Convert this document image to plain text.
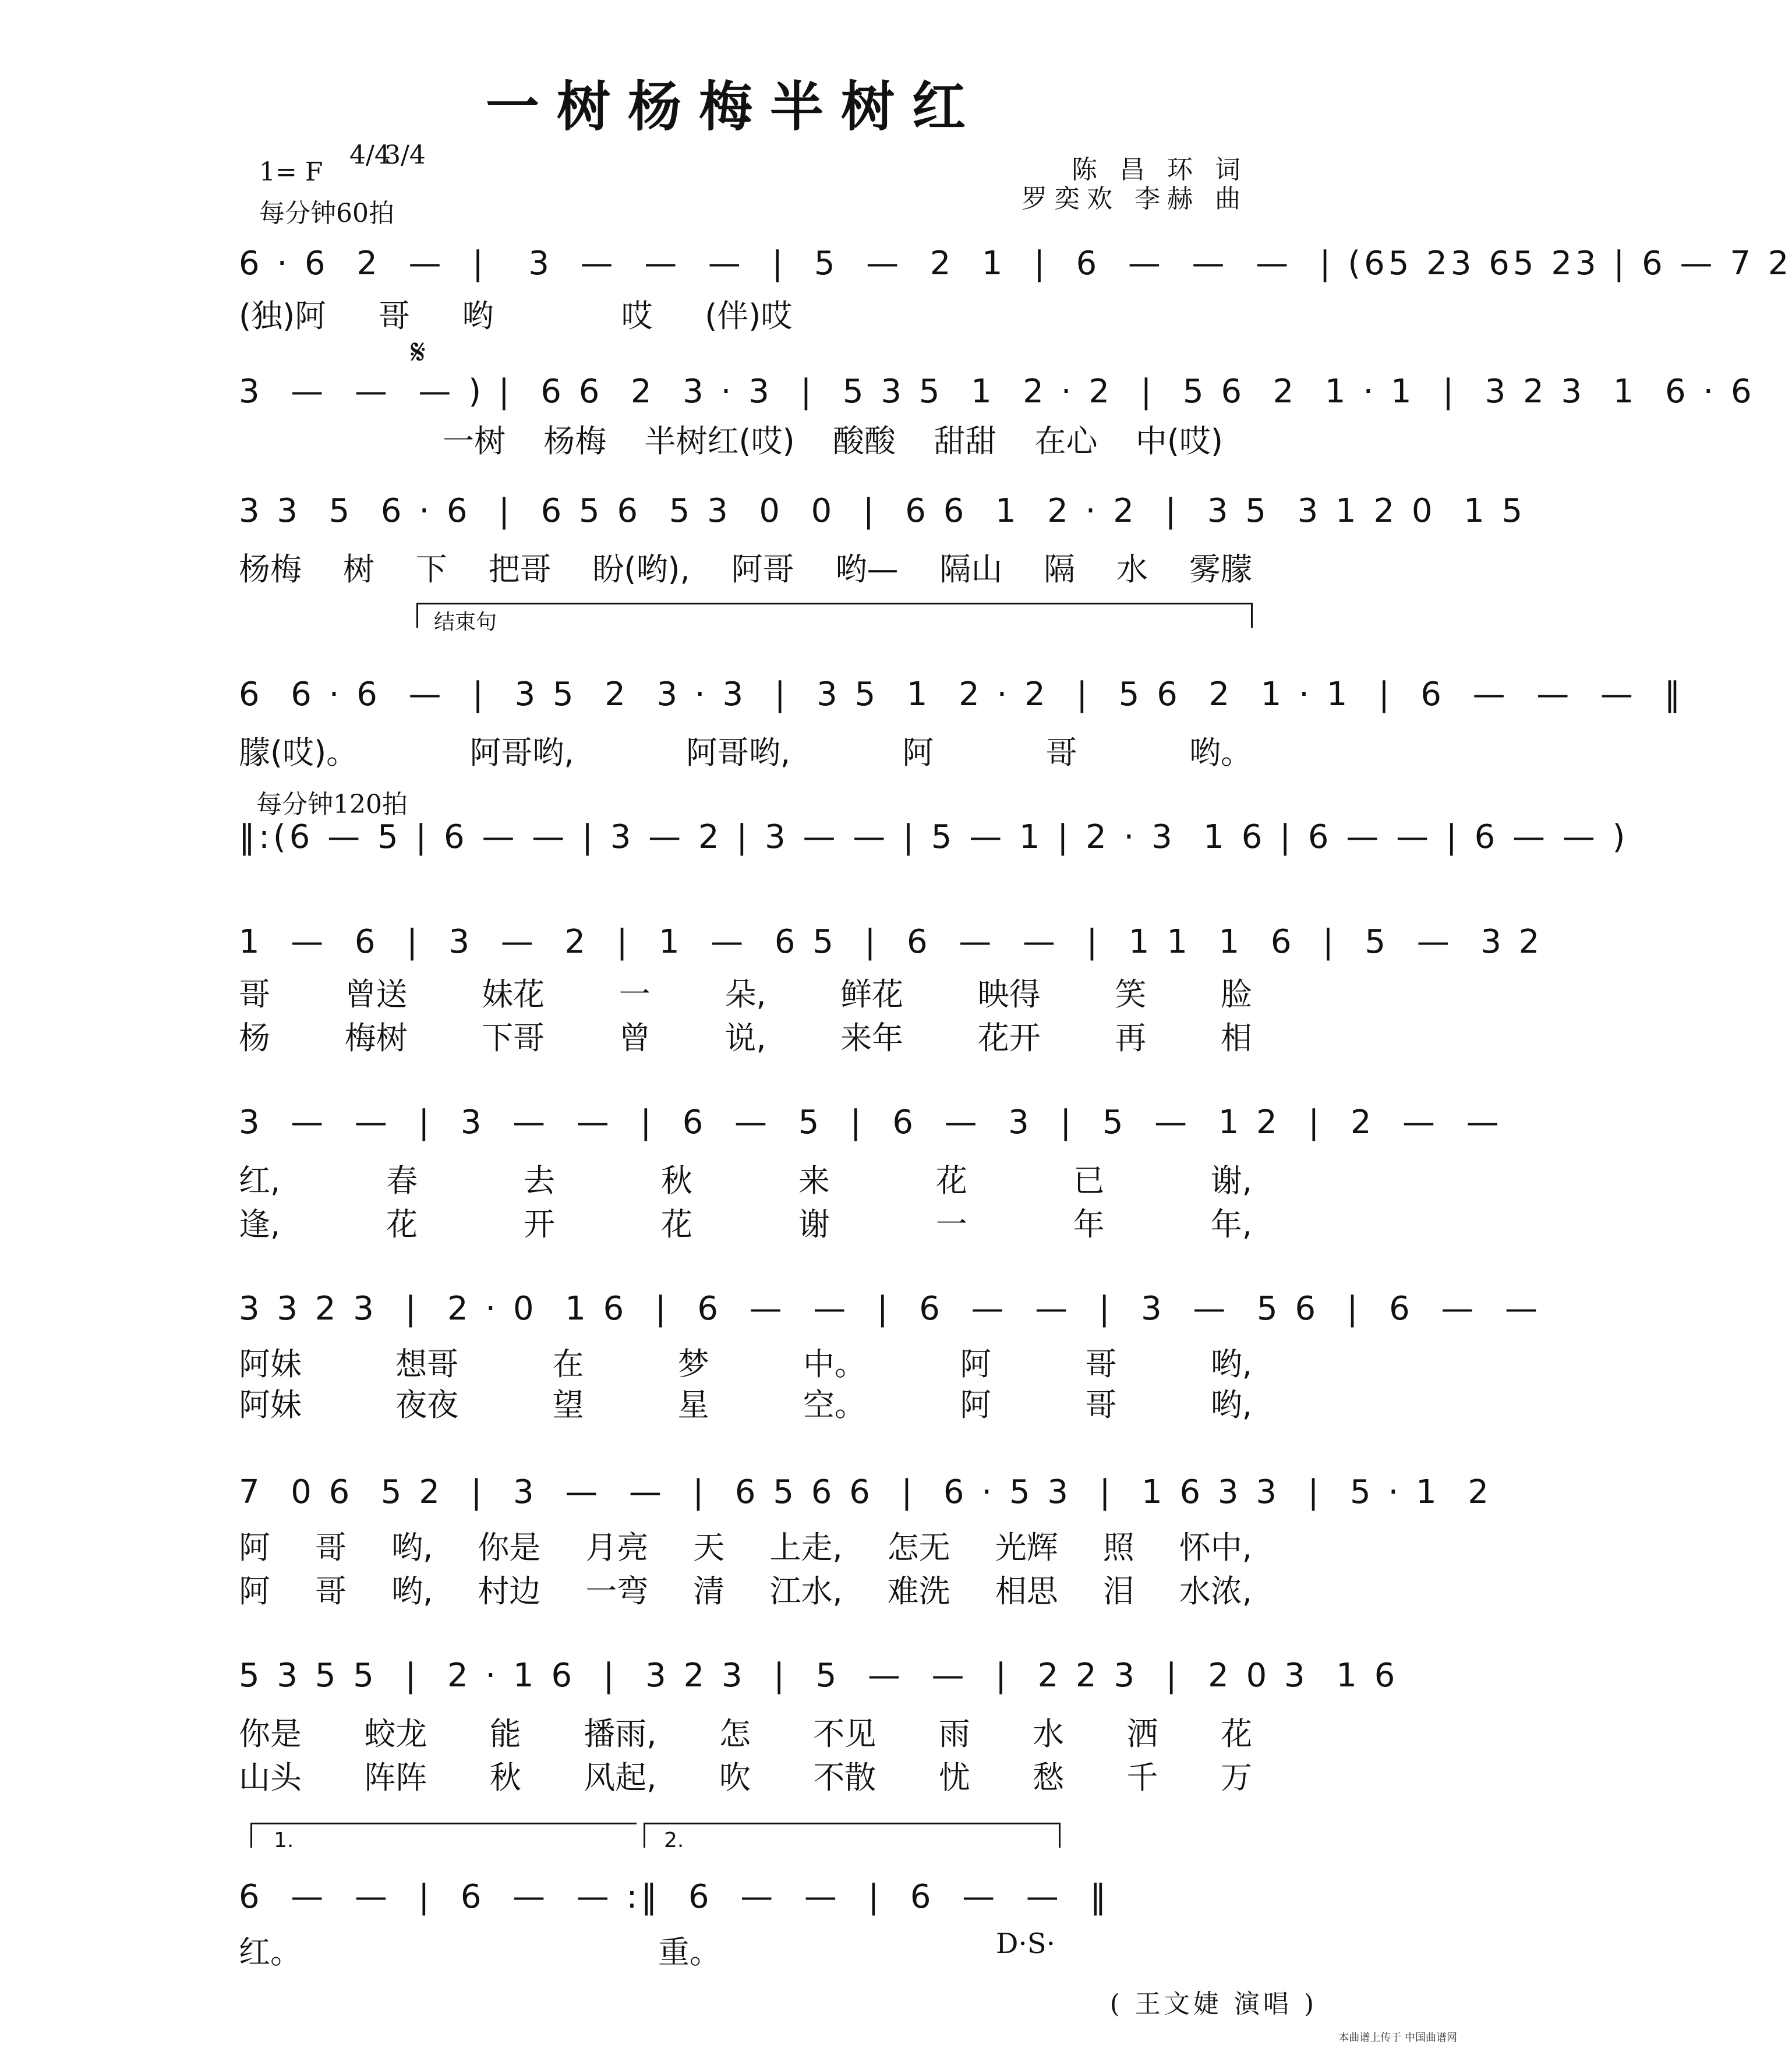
一树杨梅半树红
1= F
4/4
3/4
每分钟60拍
陈 昌 环 词
罗奕欢 李赫 曲
6 · 6  2  —  |   3  —  —  —  |  5  —  2  1  |  6  —  —  —  | (65 23 65 23 | 6 — 7 2
(独)阿 哥 哟	哎 (伴)哎
𝄋
3  —  —  — ) |  6 6  2  3 · 3  |  5 3 5  1  2 · 2  |  5 6  2  1 · 1  |  3 2 3  1  6 · 6
一树 杨梅 半树红(哎) 酸酸 甜甜 在心 中(哎)
3 3  5  6 · 6  |  6 5 6  5 3  0  0  |  6 6  1  2 · 2  |  3 5  3 1 2 0  1 5
杨梅 树 下 把哥 盼(哟), 阿哥 哟— 隔山 隔 水 雾朦
结束句
6  6 · 6  —  |  3 5  2  3 · 3  |  3 5  1  2 · 2  |  5 6  2  1 · 1  |  6  —  —  —  ‖
朦(哎)。	阿哥哟,	阿哥哟,	阿	哥	哟。
每分钟120拍
‖:(6 — 5 | 6 — — | 3 — 2 | 3 — — | 5 — 1 | 2 · 3  1 6 | 6 — — | 6 — — )
1  —  6  |  3  —  2  |  1  —  6 5  |  6  —  —  |  1 1  1  6  |  5  —  3 2
哥 曾送 妹花 一 朵, 鲜花 映得 笑 脸
杨 梅树 下哥 曾 说, 来年 花开 再 相
3  —  —  |  3  —  —  |  6  —  5  |  6  —  3  |  5  —  1 2  |  2  —  —
红,	春	去	秋	来	花	已	谢,
逢,	花	开	花	谢	一	年	年,
3 3 2 3  |  2 · 0  1 6  |  6  —  —  |  6  —  —  |  3  —  5 6  |  6  —  —
阿妹	想哥	在	梦	中。	阿	哥	哟,
阿妹	夜夜	望	星	空。	阿	哥	哟,
7  0 6  5 2  |  3  —  —  |  6 5 6 6  |  6 · 5 3  |  1 6 3 3  |  5 · 1  2
阿 哥 哟, 你是 月亮 天 上走, 怎无 光辉 照 怀中,
阿 哥 哟, 村边 一弯 清 江水, 难洗 相思 泪 水浓,
5 3 5 5  |  2 · 1 6  |  3 2 3  |  5  —  —  |  2 2 3  |  2 0 3  1 6
你是 蛟龙 能 播雨, 怎 不见 雨 水 洒 花
山头 阵阵 秋 风起, 吹 不散 忧 愁 千 万
1.	2.
6  —  —  |  6  —  — :‖  6  —  —  |  6  —  —  ‖
红。	重。	D·S·
( 王文婕 演唱 )
本曲谱上传于 中国曲谱网
